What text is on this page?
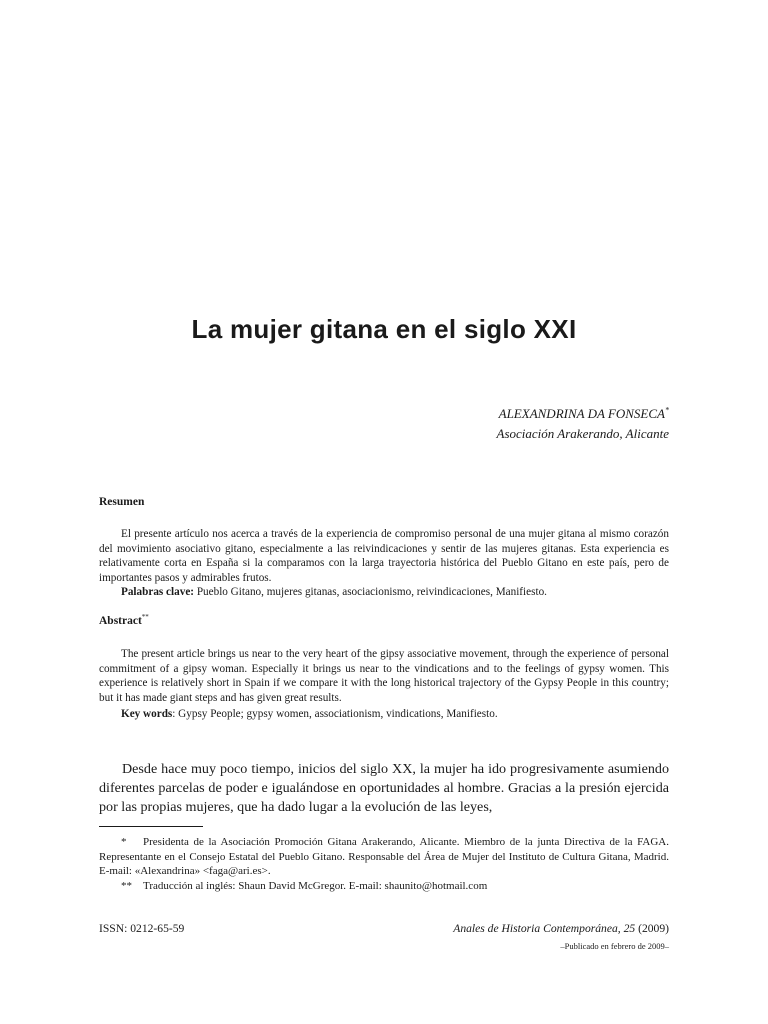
La mujer gitana en el siglo XXI
ALEXANDRINA DA FONSECA*
Asociación Arakerando, Alicante
Resumen

El presente artículo nos acerca a través de la experiencia de compromiso personal de una mujer gitana al mismo corazón del movimiento asociativo gitano, especialmente a las reivindicaciones y sentir de las mujeres gitanas. Esta experiencia es relativamente corta en España si la comparamos con la larga trayectoria histórica del Pueblo Gitano en este país, pero de importantes pasos y admirables frutos.

Palabras clave: Pueblo Gitano, mujeres gitanas, asociacionismo, reivindicaciones, Manifiesto.

Abstract**

The present article brings us near to the very heart of the gipsy associative movement, through the experience of personal commitment of a gipsy woman. Especially it brings us near to the vindications and to the feelings of gypsy women. This experience is relatively short in Spain if we compare it with the long historical trajectory of the Gypsy People in this country; but it has made giant steps and has given great results.

Key words: Gypsy People; gypsy women, associationism, vindications, Manifiesto.

Desde hace muy poco tiempo, inicios del siglo XX, la mujer ha ido progresivamente asumiendo diferentes parcelas de poder e igualándose en oportunidades al hombre. Gracias a la presión ejercida por las propias mujeres, que ha dado lugar a la evolución de las leyes,

* Presidenta de la Asociación Promoción Gitana Arakerando, Alicante. Miembro de la junta Directiva de la FAGA. Representante en el Consejo Estatal del Pueblo Gitano. Responsable del Área de Mujer del Instituto de Cultura Gitana, Madrid. E-mail: «Alexandrina» <faga@ari.es>.

** Traducción al inglés: Shaun David McGregor. E-mail: shaunito@hotmail.com

ISSN: 0212-65-59	Anales de Historia Contemporánea, 25 (2009)
–Publicado en febrero de 2009–
